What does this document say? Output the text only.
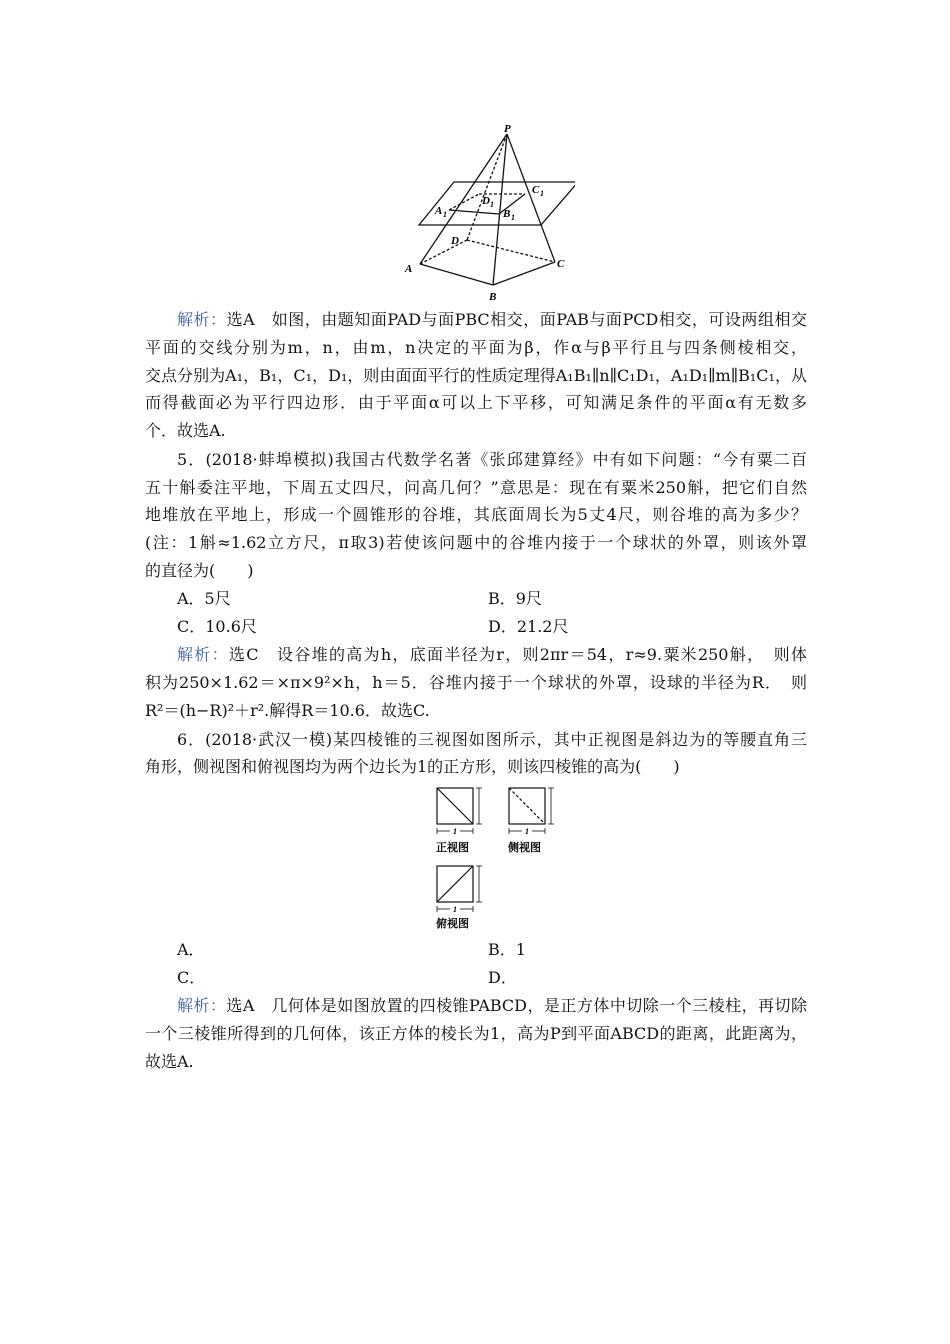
P
C 1
D 1
A 1	B 1
D
A	C
B
解析：选A　如图，由题知面PAD与面PBC相交，面PAB与面PCD相交，可设两组相交
平面的交线分别为m，n，由m，n决定的平面为β，作α与β平行且与四条侧棱相交，
交点分别为A₁，B₁，C₁，D₁，则由面面平行的性质定理得A₁B₁∥n∥C₁D₁，A₁D₁∥m∥B₁C₁，从
而得截面必为平行四边形．由于平面α可以上下平移，可知满足条件的平面α有无数多
个．故选A.
5．(2018·蚌埠模拟)我国古代数学名著《张邱建算经》中有如下问题：“今有粟二百
五十斛委注平地，下周五丈四尺，问高几何？”意思是：现在有粟米250斛，把它们自然
地堆放在平地上，形成一个圆锥形的谷堆，其底面周长为5丈4尺，则谷堆的高为多少？
(注：1斛≈1.62立方尺，π取3)若使该问题中的谷堆内接于一个球状的外罩，则该外罩
的直径为(　　)
A．5尺	B．9尺
C．10.6尺	D．21.2尺
解析：选C　设谷堆的高为h，底面半径为r，则2πr＝54，r≈9.粟米250斛，　则体
积为250×1.62＝×π×9²×h，h＝5．谷堆内接于一个球状的外罩，设球的半径为R．　则
R²＝(h−R)²＋r².解得R＝10.6．故选C.
6．(2018·武汉一模)某四棱锥的三视图如图所示，其中正视图是斜边为的等腰直角三
角形，侧视图和俯视图均为两个边长为1的正方形，则该四棱锥的高为(　　)
1	1
1
正视图	侧视图
俯视图
A．	B．1
C．	D．
解析：选A　几何体是如图放置的四棱锥PABCD，是正方体中切除一个三棱柱，再切除
一个三棱锥所得到的几何体，该正方体的棱长为1，高为P到平面ABCD的距离，此距离为，
故选A.
